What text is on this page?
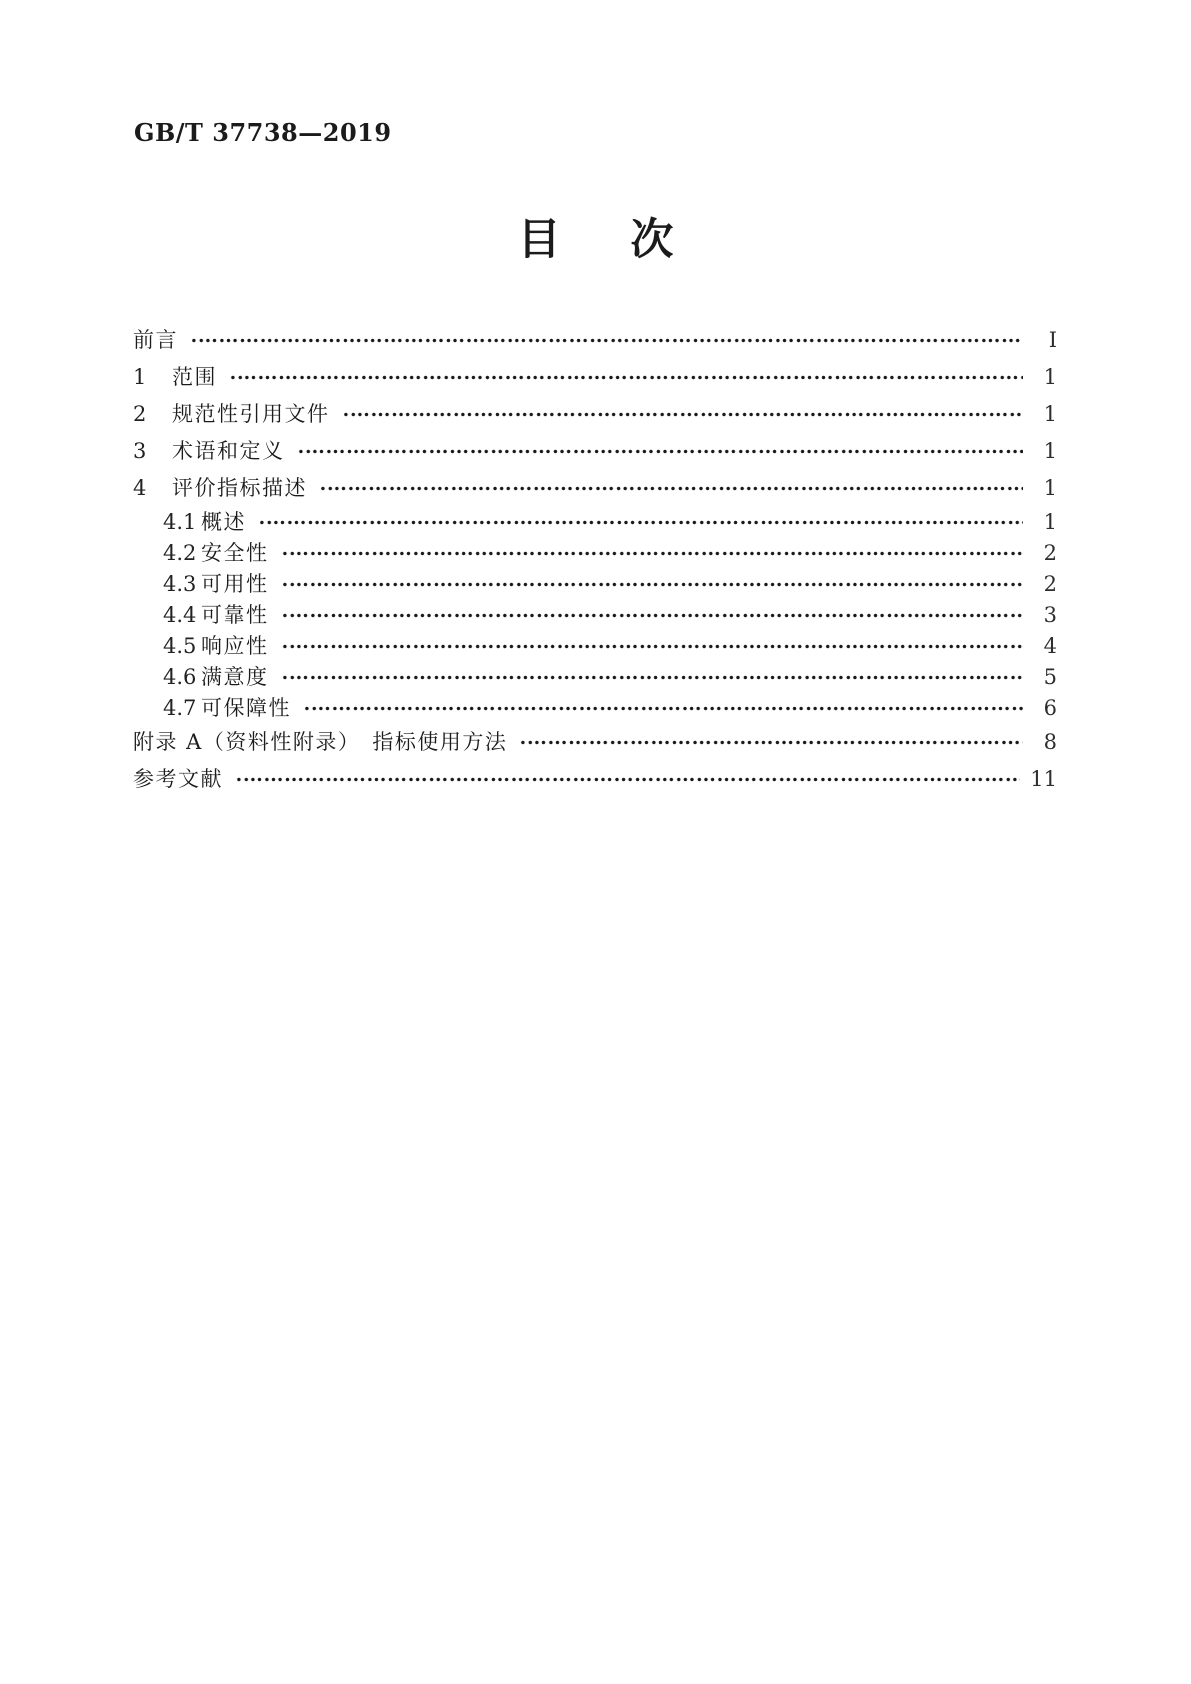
GB/T 37738—2019
目次
前言	Ⅰ
1	范围	1
2	规范性引用文件	1
3	术语和定义	1
4	评价指标描述	1
4.1 概述	1
4.2 安全性	2
4.3 可用性	2
4.4 可靠性	3
4.5 响应性	4
4.6 满意度	5
4.7 可保障性	6
附录 A（资料性附录）　指标使用方法	8
参考文献	11
